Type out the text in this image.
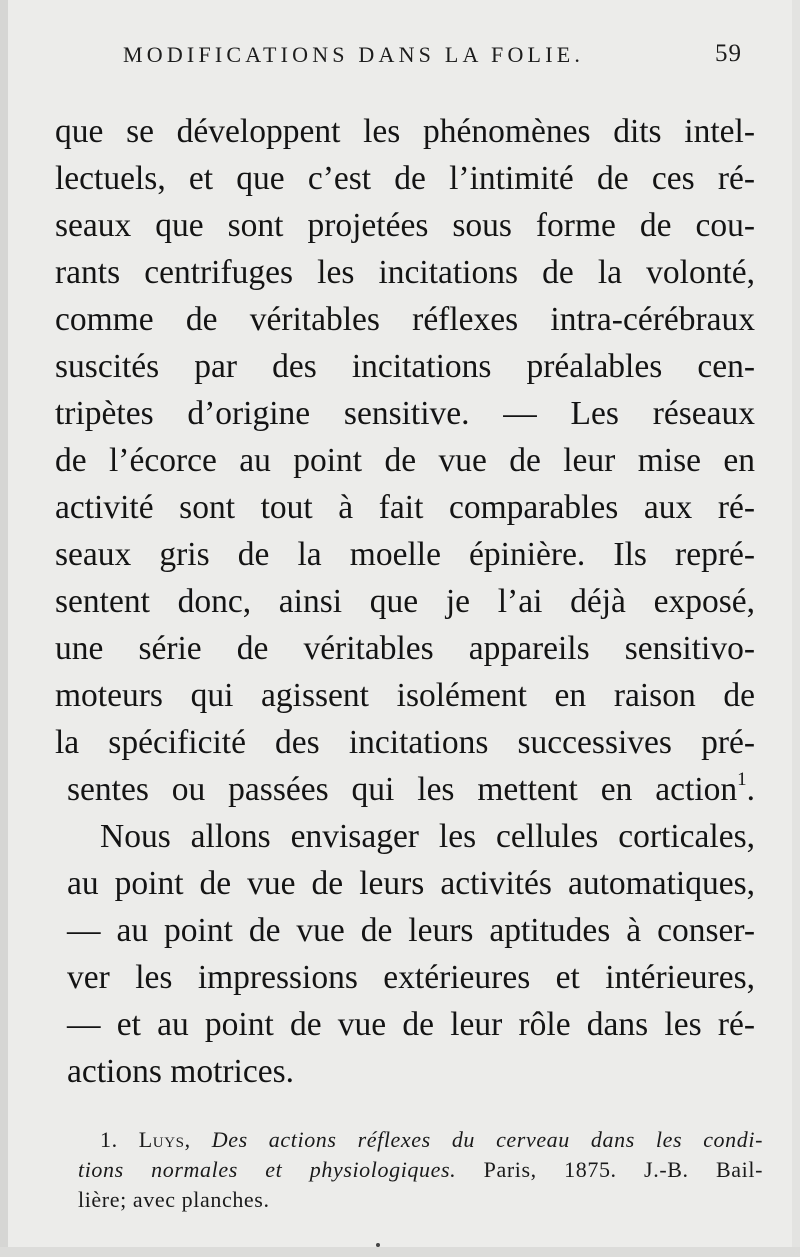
MODIFICATIONS DANS LA FOLIE.	59
que se développent les phénomènes dits intel-
lectuels, et que c’est de l’intimité de ces ré-
seaux que sont projetées sous forme de cou-
rants centrifuges les incitations de la volonté,
comme de véritables réflexes intra-cérébraux
suscités par des incitations préalables cen-
tripètes d’origine sensitive. — Les réseaux
de l’écorce au point de vue de leur mise en
activité sont tout à fait comparables aux ré-
seaux gris de la moelle épinière. Ils repré-
sentent donc, ainsi que je l’ai déjà exposé,
une série de véritables appareils sensitivo-
moteurs qui agissent isolément en raison de
la spécificité des incitations successives pré-
sentes ou passées qui les mettent en action$^1$.
Nous allons envisager les cellules corticales,
au point de vue de leurs activités automatiques,
— au point de vue de leurs aptitudes à conser-
ver les impressions extérieures et intérieures,
— et au point de vue de leur rôle dans les ré-
actions motrices.
1. Luys, Des actions réflexes du cerveau dans les condi-
tions normales et physiologiques. Paris, 1875. J.-B. Bail-
lière; avec planches.
